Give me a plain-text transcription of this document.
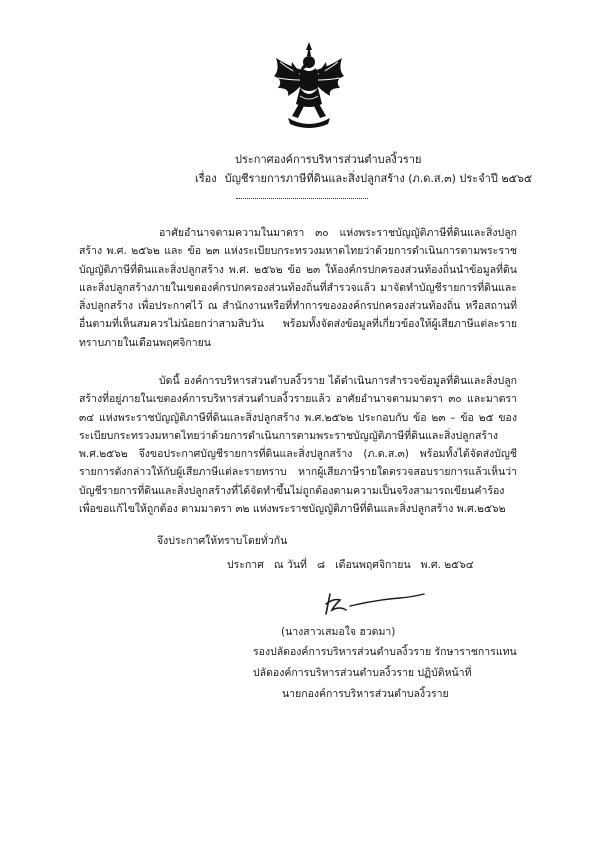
ประกาศองค์การบริหารส่วนตำบลงิ้วราย
เรื่อง บัญชีรายการภาษีที่ดินและสิ่งปลูกสร้าง (ภ.ด.ส.๓) ประจำปี ๒๕๖๕

อาศัยอำนาจตามความในมาตรา ๓๐ แห่งพระราชบัญญัติภาษีที่ดินและสิ่งปลูกสร้าง พ.ศ. ๒๕๖๒ และ ข้อ ๒๓ แห่งระเบียบกระทรวงมหาดไทยว่าด้วยการดำเนินการตามพระราชบัญญัติภาษีที่ดินและสิ่งปลูกสร้าง พ.ศ. ๒๕๖๒ ข้อ ๒๓ ให้องค์กรปกครองส่วนท้องถิ่นนำข้อมูลที่ดินและสิ่งปลูกสร้างภายในเขตองค์กรปกครองส่วนท้องถิ่นที่สำรวจแล้ว มาจัดทำบัญชีรายการที่ดินและสิ่งปลูกสร้าง เพื่อประกาศไว้ ณ สำนักงานหรือที่ทำการขององค์กรปกครองส่วนท้องถิ่น หรือสถานที่อื่นตามที่เห็นสมควรไม่น้อยกว่าสามสิบวัน พร้อมทั้งจัดส่งข้อมูลที่เกี่ยวข้องให้ผู้เสียภาษีแต่ละรายทราบภายในเดือนพฤศจิกายน

บัดนี้ องค์การบริหารส่วนตำบลงิ้วราย ได้ดำเนินการสำรวจข้อมูลที่ดินและสิ่งปลูกสร้างที่อยู่ภายในเขตองค์การบริหารส่วนตำบลงิ้วรายแล้ว อาศัยอำนาจตามมาตรา ๓๐ และมาตรา ๓๔ แห่งพระราชบัญญัติภาษีที่ดินและสิ่งปลูกสร้าง พ.ศ.๒๕๖๒ ประกอบกับ ข้อ ๒๓ – ข้อ ๒๕ ของระเบียบกระทรวงมหาดไทยว่าด้วยการดำเนินการตามพระราชบัญญัติภาษีที่ดินและสิ่งปลูกสร้าง พ.ศ.๒๕๖๒ จึงขอประกาศบัญชีรายการที่ดินและสิ่งปลูกสร้าง (ภ.ด.ส.๓) พร้อมทั้งได้จัดส่งบัญชีรายการดังกล่าวให้กับผู้เสียภาษีแต่ละรายทราบ หากผู้เสียภาษีรายใดตรวจสอบรายการแล้วเห็นว่า บัญชีรายการที่ดินและสิ่งปลูกสร้างที่ได้จัดทำขึ้นไม่ถูกต้องตามความเป็นจริงสามารถเขียนคำร้องเพื่อขอแก้ไขให้ถูกต้อง ตามมาตรา ๓๒ แห่งพระราชบัญญัติภาษีที่ดินและสิ่งปลูกสร้าง พ.ศ.๒๕๖๒

จึงประกาศให้ทราบโดยทั่วกัน
ประกาศ ณ วันที่ ๘ เดือนพฤศจิกายน พ.ศ. ๒๕๖๔
(นางสาวเสมอใจ ฮวดมา)
รองปลัดองค์การบริหารส่วนตำบลงิ้วราย รักษาราชการแทน
ปลัดองค์การบริหารส่วนตำบลงิ้วราย ปฏิบัติหน้าที่
นายกองค์การบริหารส่วนตำบลงิ้วราย
